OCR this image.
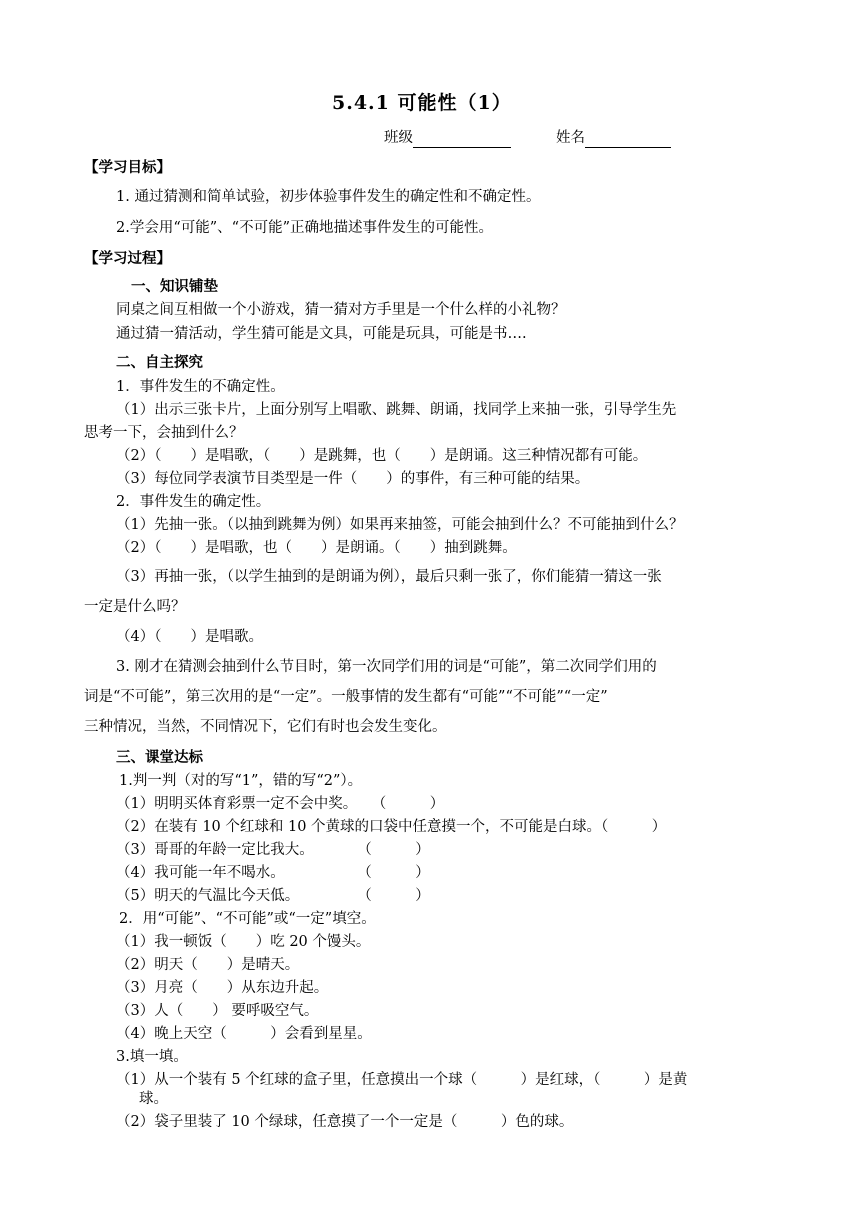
5.4.1 可能性（1）
班级	姓名
【学习目标】
1. 通过猜测和简单试验，初步体验事件发生的确定性和不确定性。
2.学会用“可能”、“不可能”正确地描述事件发生的可能性。
【学习过程】
一、知识铺垫
同桌之间互相做一个小游戏，猜一猜对方手里是一个什么样的小礼物？
通过猜一猜活动，学生猜可能是文具，可能是玩具，可能是书….
二、自主探究
1．事件发生的不确定性。
（1）出示三张卡片，上面分别写上唱歌、跳舞、朗诵，找同学上来抽一张，引导学生先
思考一下，会抽到什么？
（2）（　　）是唱歌，（　　）是跳舞，也（　　）是朗诵。这三种情况都有可能。
（3）每位同学表演节目类型是一件（　　）的事件，有三种可能的结果。
2．事件发生的确定性。
（1）先抽一张。（以抽到跳舞为例）如果再来抽签，可能会抽到什么？不可能抽到什么？
（2）（　　）是唱歌，也（　　）是朗诵。（　　）抽到跳舞。
（3）再抽一张，（以学生抽到的是朗诵为例），最后只剩一张了，你们能猜一猜这一张
一定是什么吗？
（4）（　　）是唱歌。
3. 刚才在猜测会抽到什么节目时，第一次同学们用的词是“可能”，第二次同学们用的
词是“不可能”，第三次用的是“一定”。一般事情的发生都有“可能”“不可能”“一定”
三种情况，当然，不同情况下，它们有时也会发生变化。
三、课堂达标
1.判一判（对的写“1”，错的写“2”）。
（1）明明买体育彩票一定不会中奖。　　（　　　）
（2）在装有 10 个红球和 10 个黄球的口袋中任意摸一个，不可能是白球。（　　　）
（3）哥哥的年龄一定比我大。　　　　（　　　）
（4）我可能一年不喝水。　　　　　　（　　　）
（5）明天的气温比今天低。　　　　　（　　　）
2．用“可能”、“不可能”或“一定”填空。
（1）我一顿饭（　　）吃 20 个馒头。
（2）明天（　　）是晴天。
（3）月亮（　　）从东边升起。
（3）人（　　） 要呼吸空气。
（4）晚上天空（　　　）会看到星星。
3.填一填。
（1）从一个装有 5 个红球的盒子里，任意摸出一个球（　　　）是红球，（　　　）是黄
球。
（2）袋子里装了 10 个绿球，任意摸了一个一定是（　　　）色的球。
